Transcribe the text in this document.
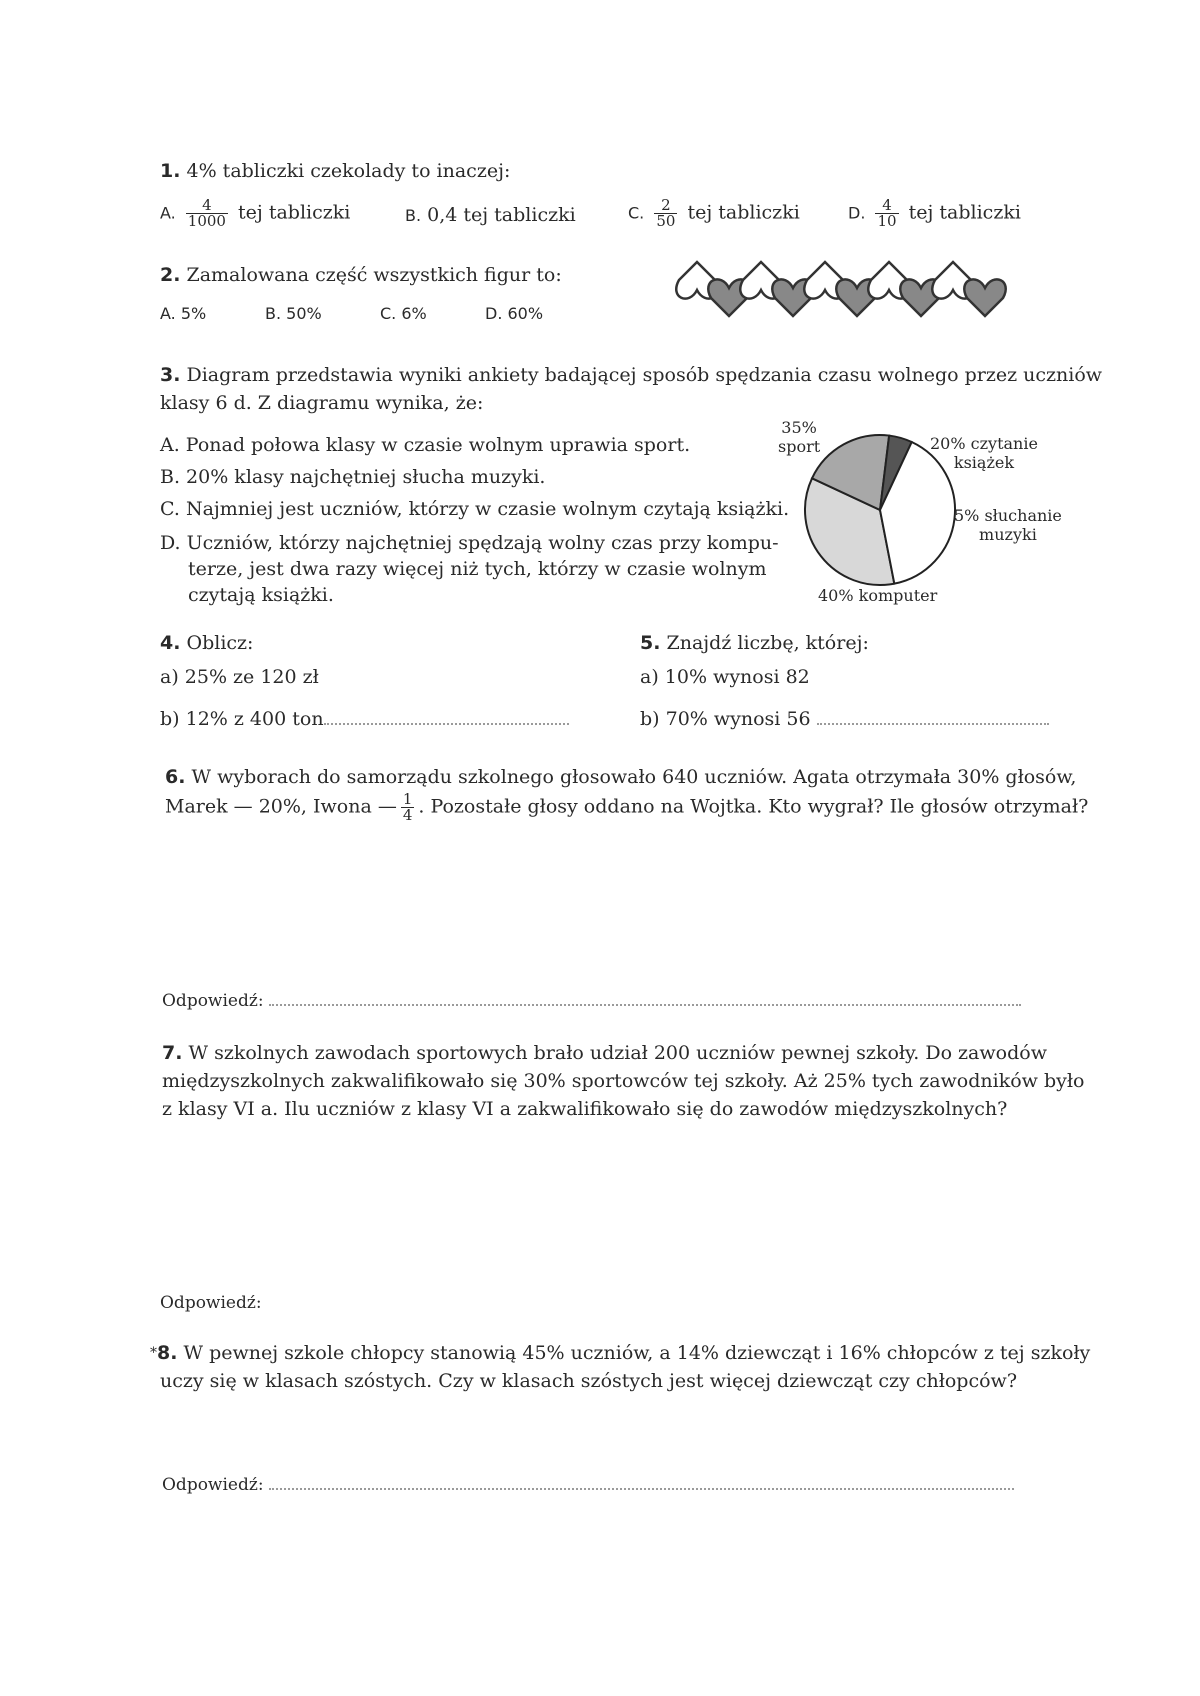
1. 4% tabliczki czekolady to inaczej:
A. $\frac{4}{1000}$ tej tabliczki	B. 0,4 tej tabliczki	C. $\frac{2}{50}$ tej tabliczki	D. $\frac{4}{10}$ tej tabliczki
2. Zamalowana część wszystkich figur to:
A. 5%	B. 50%	C. 6%	D. 60%
3. Diagram przedstawia wyniki ankiety badającej sposób spędzania czasu wolnego przez uczniów
klasy 6 d. Z diagramu wynika, że:
A. Ponad połowa klasy w czasie wolnym uprawia sport.
B. 20% klasy najchętniej słucha muzyki.
C. Najmniej jest uczniów, którzy w czasie wolnym czytają książki.
D. Uczniów, którzy najchętniej spędzają wolny czas przy kompu-
terze, jest dwa razy więcej niż tych, którzy w czasie wolnym
czytają książki.
35%
sport	20% czytanie
książek
5% słuchanie
muzyki
40% komputer
4. Oblicz:
a) 25% ze 120 zł
b) 12% z 400 ton
5. Znajdź liczbę, której:
a) 10% wynosi 82
b) 70% wynosi 56
6. W wyborach do samorządu szkolnego głosowało 640 uczniów. Agata otrzymała 30% głosów,
Marek — 20%, Iwona — $\frac{1}{4}$ . Pozostałe głosy oddano na Wojtka. Kto wygrał? Ile głosów otrzymał?
Odpowiedź:
7. W szkolnych zawodach sportowych brało udział 200 uczniów pewnej szkoły. Do zawodów
międzyszkolnych zakwalifikowało się 30% sportowców tej szkoły. Aż 25% tych zawodników było
z klasy VI a. Ilu uczniów z klasy VI a zakwalifikowało się do zawodów międzyszkolnych?
Odpowiedź:
*8. W pewnej szkole chłopcy stanowią 45% uczniów, a 14% dziewcząt i 16% chłopców z tej szkoły
uczy się w klasach szóstych. Czy w klasach szóstych jest więcej dziewcząt czy chłopców?
Odpowiedź:
